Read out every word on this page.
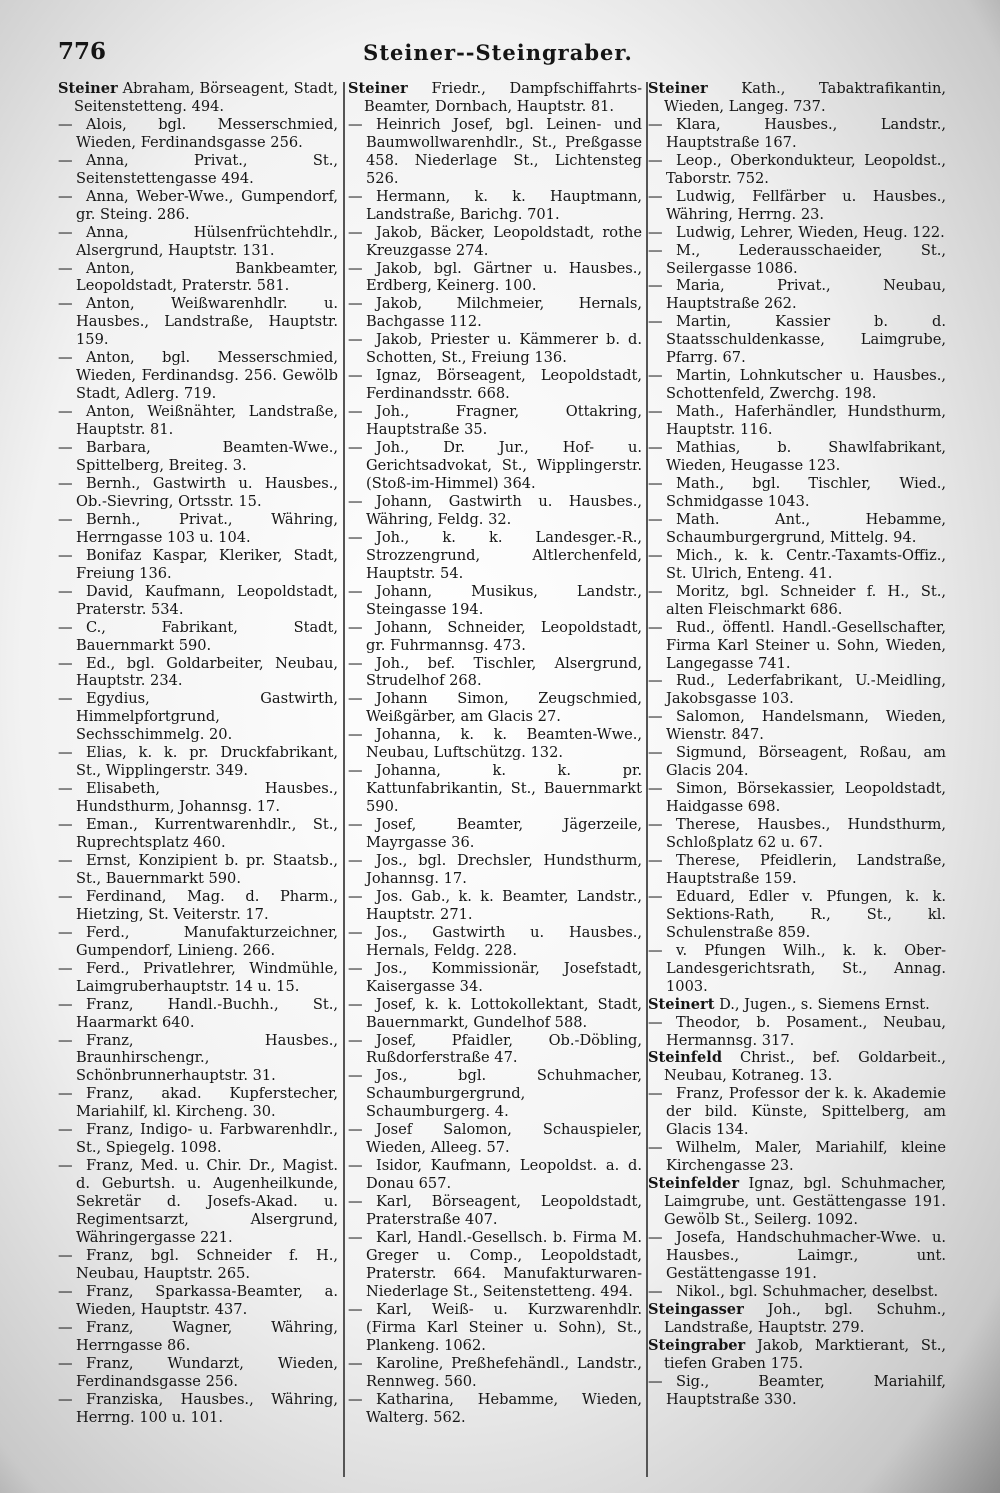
776	Steiner--Steingraber.
Steiner Abraham, Börseagent, Stadt, Seitenstetteng. 494.
— Alois, bgl. Messerschmied, Wieden, Ferdinandsgasse 256.
— Anna, Privat., St., Seitenstettengasse 494.
— Anna, Weber-Wwe., Gumpendorf, gr. Steing. 286.
— Anna, Hülsenfrüchtehdlr., Alsergrund, Hauptstr. 131.
— Anton, Bankbeamter, Leopoldstadt, Praterstr. 581.
— Anton, Weißwarenhdlr. u. Hausbes., Landstraße, Hauptstr. 159.
— Anton, bgl. Messerschmied, Wieden, Ferdinandsg. 256. Gewölb Stadt, Adlerg. 719.
— Anton, Weißnähter, Landstraße, Hauptstr. 81.
— Barbara, Beamten-Wwe., Spittelberg, Breiteg. 3.
— Bernh., Gastwirth u. Hausbes., Ob.-Sievring, Ortsstr. 15.
— Bernh., Privat., Währing, Herrngasse 103 u. 104.
— Bonifaz Kaspar, Kleriker, Stadt, Freiung 136.
— David, Kaufmann, Leopoldstadt, Praterstr. 534.
— C., Fabrikant, Stadt, Bauernmarkt 590.
— Ed., bgl. Goldarbeiter, Neubau, Hauptstr. 234.
— Egydius, Gastwirth, Himmelpfortgrund, Sechsschimmelg. 20.
— Elias, k. k. pr. Druckfabrikant, St., Wipplingerstr. 349.
— Elisabeth, Hausbes., Hundsthurm, Johannsg. 17.
— Eman., Kurrentwarenhdlr., St., Ruprechtsplatz 460.
— Ernst, Konzipient b. pr. Staatsb., St., Bauernmarkt 590.
— Ferdinand, Mag. d. Pharm., Hietzing, St. Veiterstr. 17.
— Ferd., Manufakturzeichner, Gumpendorf, Linieng. 266.
— Ferd., Privatlehrer, Windmühle, Laimgruberhauptstr. 14 u. 15.
— Franz, Handl.-Buchh., St., Haarmarkt 640.
— Franz, Hausbes., Braunhirschengr., Schönbrunnerhauptstr. 31.
— Franz, akad. Kupferstecher, Mariahilf, kl. Kircheng. 30.
— Franz, Indigo- u. Farbwarenhdlr., St., Spiegelg. 1098.
— Franz, Med. u. Chir. Dr., Magist. d. Geburtsh. u. Augenheilkunde, Sekretär d. Josefs-Akad. u. Regimentsarzt, Alsergrund, Währingergasse 221.
— Franz, bgl. Schneider f. H., Neubau, Hauptstr. 265.
— Franz, Sparkassa-Beamter, a. Wieden, Hauptstr. 437.
— Franz, Wagner, Währing, Herrngasse 86.
— Franz, Wundarzt, Wieden, Ferdinandsgasse 256.
— Franziska, Hausbes., Währing, Herrng. 100 u. 101.
Steiner Friedr., Dampfschiffahrts-Beamter, Dornbach, Hauptstr. 81.
— Heinrich Josef, bgl. Leinen- und Baumwollwarenhdlr., St., Preßgasse 458. Niederlage St., Lichtensteg 526.
— Hermann, k. k. Hauptmann, Landstraße, Barichg. 701.
— Jakob, Bäcker, Leopoldstadt, rothe Kreuzgasse 274.
— Jakob, bgl. Gärtner u. Hausbes., Erdberg, Keinerg. 100.
— Jakob, Milchmeier, Hernals, Bachgasse 112.
— Jakob, Priester u. Kämmerer b. d. Schotten, St., Freiung 136.
— Ignaz, Börseagent, Leopoldstadt, Ferdinandsstr. 668.
— Joh., Fragner, Ottakring, Hauptstraße 35.
— Joh., Dr. Jur., Hof- u. Gerichtsadvokat, St., Wipplingerstr. (Stoß-im-Himmel) 364.
— Johann, Gastwirth u. Hausbes., Währing, Feldg. 32.
— Joh., k. k. Landesger.-R., Strozzengrund, Altlerchenfeld, Hauptstr. 54.
— Johann, Musikus, Landstr., Steingasse 194.
— Johann, Schneider, Leopoldstadt, gr. Fuhrmannsg. 473.
— Joh., bef. Tischler, Alsergrund, Strudelhof 268.
— Johann Simon, Zeugschmied, Weißgärber, am Glacis 27.
— Johanna, k. k. Beamten-Wwe., Neubau, Luftschützg. 132.
— Johanna, k. k. pr. Kattunfabrikantin, St., Bauernmarkt 590.
— Josef, Beamter, Jägerzeile, Mayrgasse 36.
— Jos., bgl. Drechsler, Hundsthurm, Johannsg. 17.
— Jos. Gab., k. k. Beamter, Landstr., Hauptstr. 271.
— Jos., Gastwirth u. Hausbes., Hernals, Feldg. 228.
— Jos., Kommissionär, Josefstadt, Kaisergasse 34.
— Josef, k. k. Lottokollektant, Stadt, Bauernmarkt, Gundelhof 588.
— Josef, Pfaidler, Ob.-Döbling, Rußdorferstraße 47.
— Jos., bgl. Schuhmacher, Schaumburgergrund, Schaumburgerg. 4.
— Josef Salomon, Schauspieler, Wieden, Alleeg. 57.
— Isidor, Kaufmann, Leopoldst. a. d. Donau 657.
— Karl, Börseagent, Leopoldstadt, Praterstraße 407.
— Karl, Handl.-Gesellsch. b. Firma M. Greger u. Comp., Leopoldstadt, Praterstr. 664. Manufakturwaren-Niederlage St., Seitenstetteng. 494.
— Karl, Weiß- u. Kurzwarenhdlr. (Firma Karl Steiner u. Sohn), St., Plankeng. 1062.
— Karoline, Preßhefehändl., Landstr., Rennweg. 560.
— Katharina, Hebamme, Wieden, Walterg. 562.
Steiner Kath., Tabaktrafikantin, Wieden, Langeg. 737.
— Klara, Hausbes., Landstr., Hauptstraße 167.
— Leop., Oberkondukteur, Leopoldst., Taborstr. 752.
— Ludwig, Fellfärber u. Hausbes., Währing, Herrng. 23.
— Ludwig, Lehrer, Wieden, Heug. 122.
— M., Lederausschaeider, St., Seilergasse 1086.
— Maria, Privat., Neubau, Hauptstraße 262.
— Martin, Kassier b. d. Staatsschuldenkasse, Laimgrube, Pfarrg. 67.
— Martin, Lohnkutscher u. Hausbes., Schottenfeld, Zwerchg. 198.
— Math., Haferhändler, Hundsthurm, Hauptstr. 116.
— Mathias, b. Shawlfabrikant, Wieden, Heugasse 123.
— Math., bgl. Tischler, Wied., Schmidgasse 1043.
— Math. Ant., Hebamme, Schaumburgergrund, Mittelg. 94.
— Mich., k. k. Centr.-Taxamts-Offiz., St. Ulrich, Enteng. 41.
— Moritz, bgl. Schneider f. H., St., alten Fleischmarkt 686.
— Rud., öffentl. Handl.-Gesellschafter, Firma Karl Steiner u. Sohn, Wieden, Langegasse 741.
— Rud., Lederfabrikant, U.-Meidling, Jakobsgasse 103.
— Salomon, Handelsmann, Wieden, Wienstr. 847.
— Sigmund, Börseagent, Roßau, am Glacis 204.
— Simon, Börsekassier, Leopoldstadt, Haidgasse 698.
— Therese, Hausbes., Hundsthurm, Schloßplatz 62 u. 67.
— Therese, Pfeidlerin, Landstraße, Hauptstraße 159.
— Eduard, Edler v. Pfungen, k. k. Sektions-Rath, R., St., kl. Schulenstraße 859.
— v. Pfungen Wilh., k. k. Ober-Landesgerichtsrath, St., Annag. 1003.
Steinert D., Jugen., s. Siemens Ernst.
— Theodor, b. Posament., Neubau, Hermannsg. 317.
Steinfeld Christ., bef. Goldarbeit., Neubau, Kotraneg. 13.
— Franz, Professor der k. k. Akademie der bild. Künste, Spittelberg, am Glacis 134.
— Wilhelm, Maler, Mariahilf, kleine Kirchengasse 23.
Steinfelder Ignaz, bgl. Schuhmacher, Laimgrube, unt. Gestättengasse 191. Gewölb St., Seilerg. 1092.
— Josefa, Handschuhmacher-Wwe. u. Hausbes., Laimgr., unt. Gestättengasse 191.
— Nikol., bgl. Schuhmacher, deselbst.
Steingasser Joh., bgl. Schuhm., Landstraße, Hauptstr. 279.
Steingraber Jakob, Marktierant, St., tiefen Graben 175.
— Sig., Beamter, Mariahilf, Hauptstraße 330.
